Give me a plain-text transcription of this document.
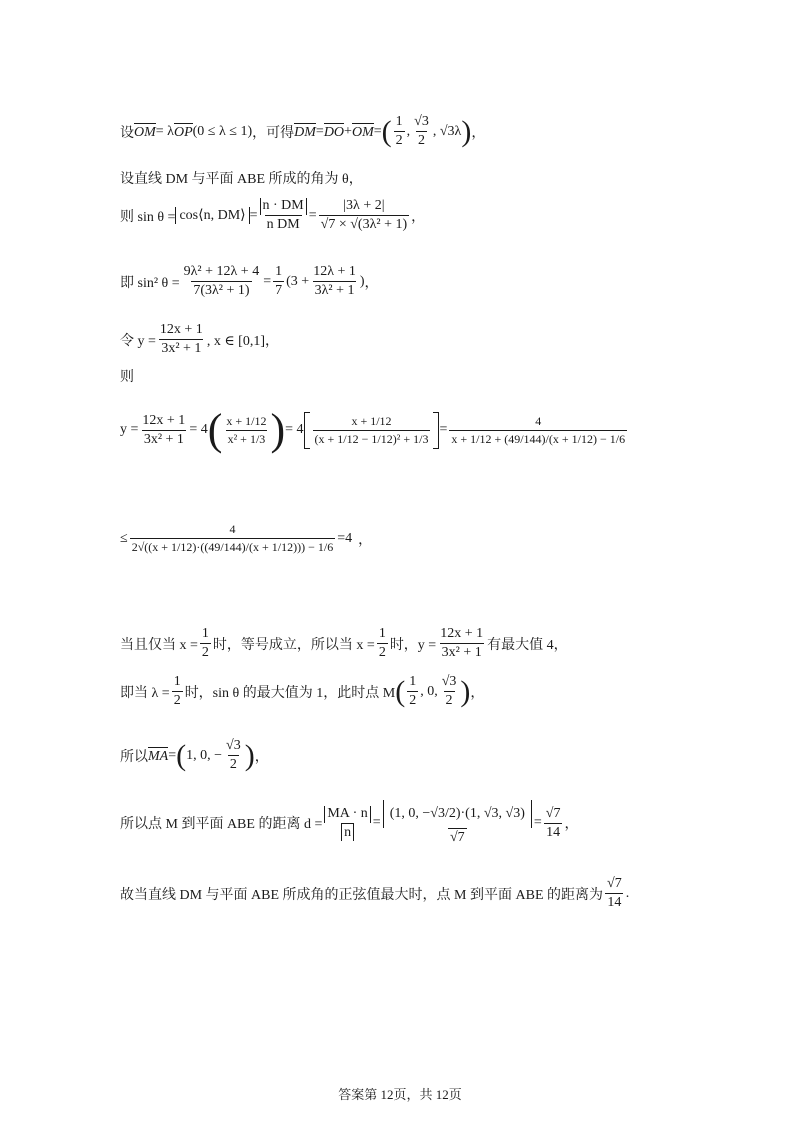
设 OM = λ OP (0 ≤ λ ≤ 1) ，可得 DM = DO + OM = ( $\frac{1}{2}$ , $\frac{√3}{2}$ , √3λ ) ，
设直线 DM 与平面 ABE 所成的角为 θ，
则 sin θ = cos⟨n, DM⟩ = $\frac{n \cdot DM}{\text{n DM}} = \frac{|3\lambda + 2|}{\text{√7 × √(3λ² + 1)}}$ ，
即 sin² $\theta = \frac{\text{9λ² + 12λ + 4}}{\text{7(3λ² + 1)}} = \frac{1}{7} (3 + \frac{12\lambda + 1}{\text{3λ² + 1}}$ ) ，
令 $y = \frac{12x + 1}{\text{3x² + 1}}$ , x ∈ [0,1]，
则
$y = \frac{12x + 1}{\text{3x² + 1}} = 4$ ( $\frac{x + 1/12}{\text{x² + 1/3}}$ ) = $4 \frac{x + 1/12}{\text{(x + 1/12 − 1/12)² + 1/3}} = \frac{4}{x + 1/12 + (49/144)/(x + 1/12) - 1/6}$
≤ $\frac{4}{2√((x + 1/12)\cdot((49/144)/(x + 1/12))) - 1/6} =4$ ，
当且仅当 $x = \frac{1}{2}$ 时，等号成立，所以当 $x = \frac{1}{2}$ 时，$y = \frac{12x + 1}{\text{3x² + 1}}$ 有最大值 4，
即当 $\lambda = \frac{1}{2}$ 时，sin θ 的最大值为 1，此时点 M ( $\frac{1}{2}$ , 0, $\frac{√3}{2}$ ) ，
所以 MA = ( 1, 0, − $\frac{√3}{2}$ ) ，
所以点 M 到平面 ABE 的距离 $d = \frac{MA \cdot n}{n} = \frac{(1, 0, -√3/2)\cdot(1, √3, √3)}{√7} = \frac{√7}{14}$ ，
故当直线 DM 与平面 ABE 所成角的正弦值最大时，点 M 到平面 ABE 的距离为 $\frac{√7}{14}$ .
答案第 12页，共 12页
